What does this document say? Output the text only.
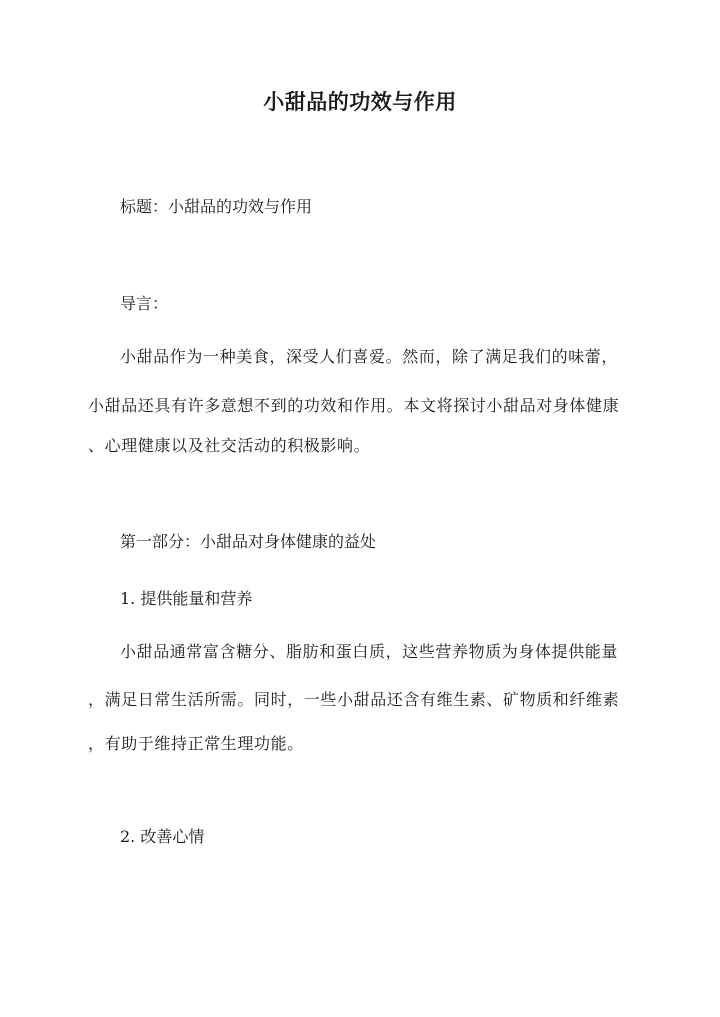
小甜品的功效与作用

标题：小甜品的功效与作用

导言：

小甜品作为一种美食，深受人们喜爱。然而，除了满足我们的味蕾，

小甜品还具有许多意想不到的功效和作用。本文将探讨小甜品对身体健康

、心理健康以及社交活动的积极影响。

第一部分：小甜品对身体健康的益处

1. 提供能量和营养

小甜品通常富含糖分、脂肪和蛋白质，这些营养物质为身体提供能量

，满足日常生活所需。同时，一些小甜品还含有维生素、矿物质和纤维素

，有助于维持正常生理功能。

2. 改善心情
